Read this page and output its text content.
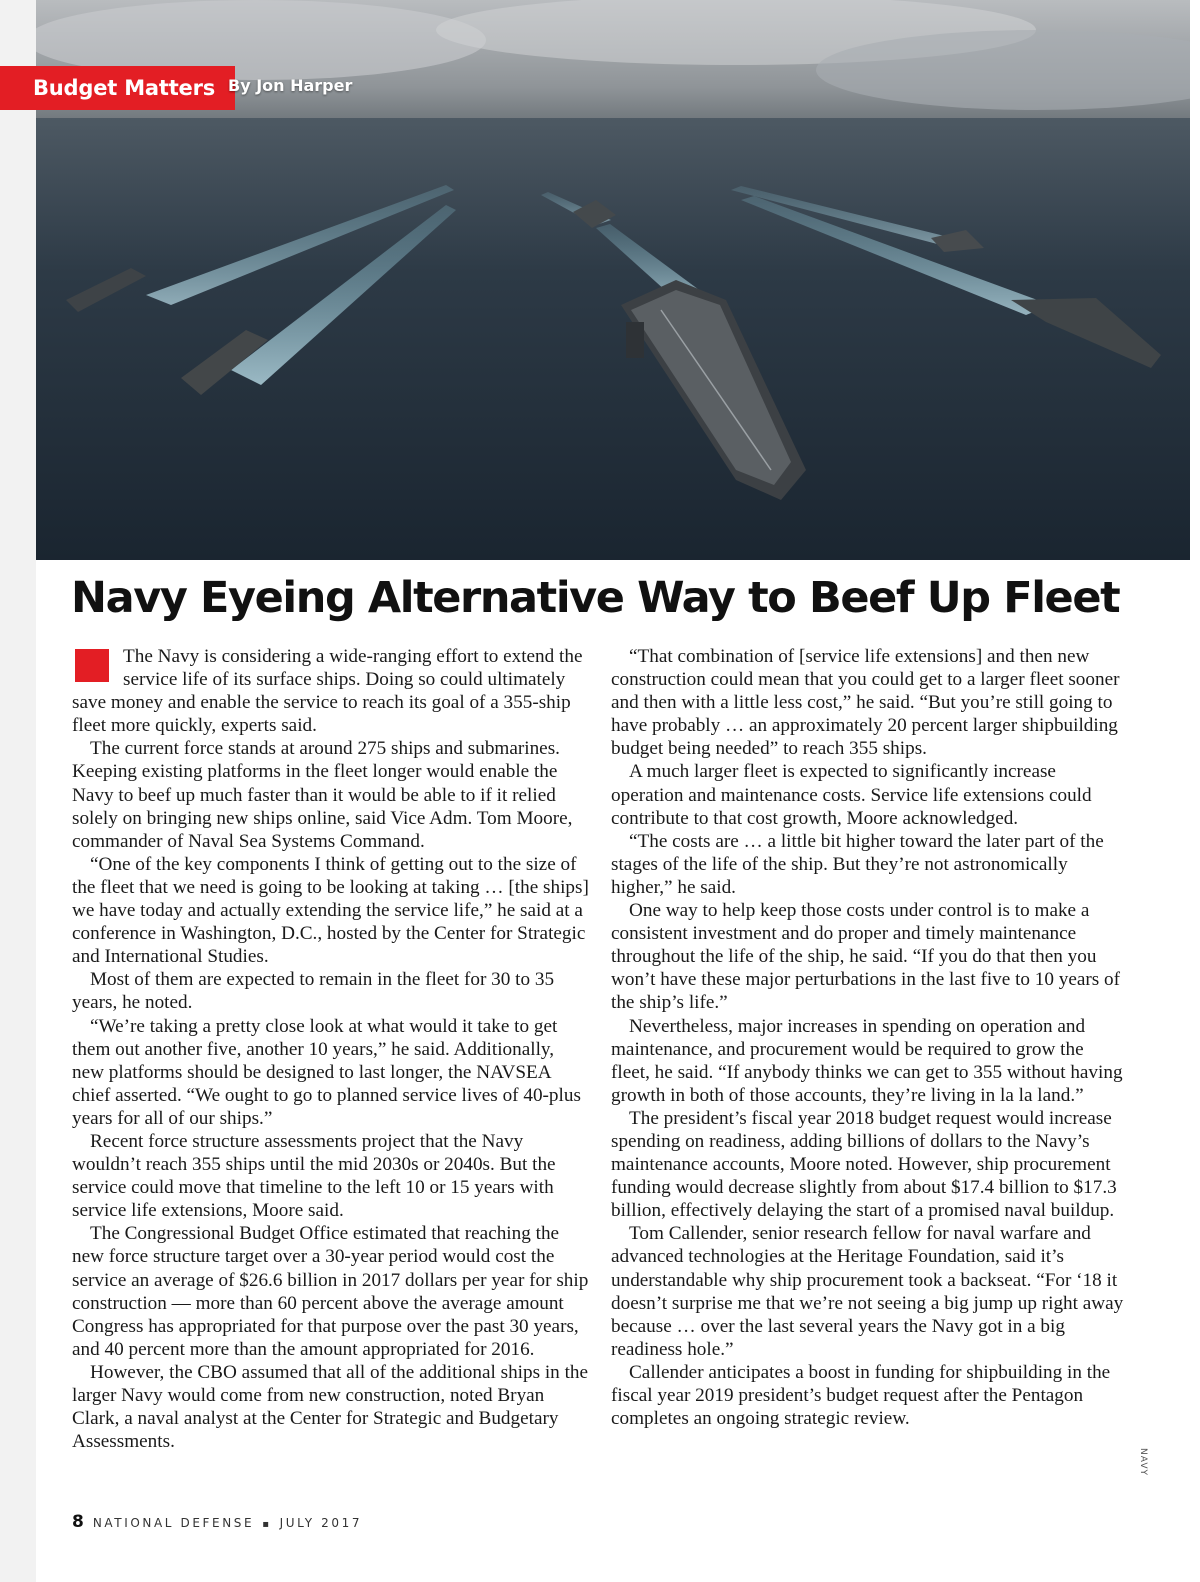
Budget Matters By Jon Harper
Navy Eyeing Alternative Way to Beef Up Fleet

The Navy is considering a wide-ranging effort to extend the service life of its surface ships. Doing so could ultimately save money and enable the service to reach its goal of a 355-ship fleet more quickly, experts said.

The current force stands at around 275 ships and submarines. Keeping existing platforms in the fleet longer would enable the Navy to beef up much faster than it would be able to if it relied solely on bringing new ships online, said Vice Adm. Tom Moore, commander of Naval Sea Systems Command.

“One of the key components I think of getting out to the size of the fleet that we need is going to be looking at taking … [the ships] we have today and actually extending the service life,” he said at a conference in Washington, D.C., hosted by the Center for Strategic and International Studies.

Most of them are expected to remain in the fleet for 30 to 35 years, he noted.

“We’re taking a pretty close look at what would it take to get them out another five, another 10 years,” he said. Additionally, new platforms should be designed to last longer, the NAVSEA chief asserted. “We ought to go to planned service lives of 40-plus years for all of our ships.”

Recent force structure assessments project that the Navy wouldn’t reach 355 ships until the mid 2030s or 2040s. But the service could move that timeline to the left 10 or 15 years with service life extensions, Moore said.

The Congressional Budget Office estimated that reaching the new force structure target over a 30-year period would cost the service an average of $26.6 billion in 2017 dollars per year for ship construction — more than 60 percent above the average amount Congress has appropriated for that purpose over the past 30 years, and 40 percent more than the amount appropriated for 2016.

However, the CBO assumed that all of the additional ships in the larger Navy would come from new construction, noted Bryan Clark, a naval analyst at the Center for Strategic and Budgetary Assessments.

“That combination of [service life extensions] and then new construction could mean that you could get to a larger fleet sooner and then with a little less cost,” he said. “But you’re still going to have probably … an approximately 20 percent larger shipbuilding budget being needed” to reach 355 ships.

A much larger fleet is expected to significantly increase operation and maintenance costs. Service life extensions could contribute to that cost growth, Moore acknowledged.

“The costs are … a little bit higher toward the later part of the stages of the life of the ship. But they’re not astronomically higher,” he said.

One way to help keep those costs under control is to make a consistent investment and do proper and timely maintenance throughout the life of the ship, he said. “If you do that then you won’t have these major perturbations in the last five to 10 years of the ship’s life.”

Nevertheless, major increases in spending on operation and maintenance, and procurement would be required to grow the fleet, he said. “If anybody thinks we can get to 355 without having growth in both of those accounts, they’re living in la la land.”

The president’s fiscal year 2018 budget request would increase spending on readiness, adding billions of dollars to the Navy’s maintenance accounts, Moore noted. However, ship procurement funding would decrease slightly from about $17.4 billion to $17.3 billion, effectively delaying the start of a promised naval buildup.

Tom Callender, senior research fellow for naval warfare and advanced technologies at the Heritage Foundation, said it’s understandable why ship procurement took a backseat. “For ‘18 it doesn’t surprise me that we’re not seeing a big jump up right away because … over the last several years the Navy got in a big readiness hole.”

Callender anticipates a boost in funding for shipbuilding in the fiscal year 2019 president’s budget request after the Pentagon completes an ongoing strategic review.

NAVY
8 NATIONAL DEFENSE ▪ JULY 2017
